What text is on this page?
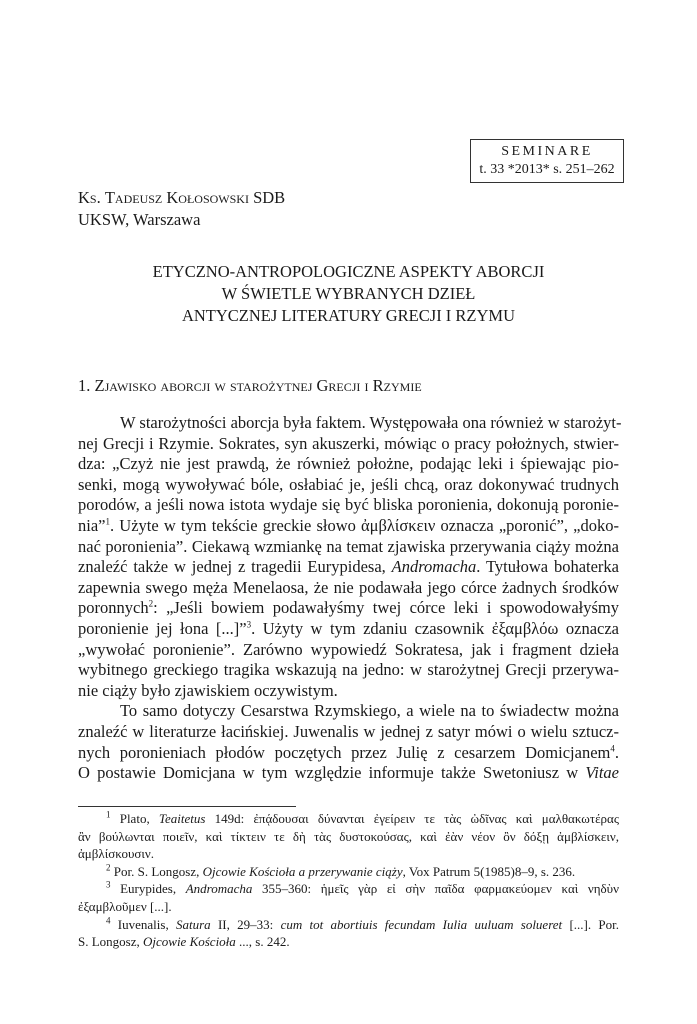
SEMINARE
t. 33 *2013* s. 251–262
Ks. Tadeusz Kołosowski SDB
UKSW, Warszawa
ETYCZNO-ANTROPOLOGICZNE ASPEKTY ABORCJI
W ŚWIETLE WYBRANYCH DZIEŁ
ANTYCZNEJ LITERATURY GRECJI I RZYMU
1. Zjawisko aborcji w starożytnej Grecji i Rzymie
W starożytności aborcja była faktem. Występowała ona również w starożyt-
nej Grecji i Rzymie. Sokrates, syn akuszerki, mówiąc o pracy położnych, stwier-
dza: „Czyż nie jest prawdą, że również położne, podając leki i śpiewając pio-
senki, mogą wywoływać bóle, osłabiać je, jeśli chcą, oraz dokonywać trudnych
porodów, a jeśli nowa istota wydaje się być bliska poronienia, dokonują poronie-
nia”$^1$. Użyte w tym tekście greckie słowo ἀμβλίσκειν oznacza „poronić”, „doko-
nać poronienia”. Ciekawą wzmiankę na temat zjawiska przerywania ciąży można
znaleźć także w jednej z tragedii Eurypidesa, Andromacha. Tytułowa bohaterka
zapewnia swego męża Menelaosa, że nie podawała jego córce żadnych środków
poronnych$^2$: „Jeśli bowiem podawałyśmy twej córce leki i spowodowałyśmy
poronienie jej łona [...]”$^3$. Użyty w tym zdaniu czasownik ἐξαμβλόω oznacza
„wywołać poronienie”. Zarówno wypowiedź Sokratesa, jak i fragment dzieła
wybitnego greckiego tragika wskazują na jedno: w starożytnej Grecji przerywa-
nie ciąży było zjawiskiem oczywistym.
To samo dotyczy Cesarstwa Rzymskiego, a wiele na to świadectw można
znaleźć w literaturze łacińskiej. Juwenalis w jednej z satyr mówi o wielu sztucz-
nych poronieniach płodów poczętych przez Julię z cesarzem Domicjanem$^4$.
O postawie Domicjana w tym względzie informuje także Swetoniusz w Vitae
$^1$ Plato, Teaitetus 149d: ἐπᾴδουσαι δύνανται ἐγείρειν τε τὰς ὠδῖνας καὶ μαλθακωτέρας
ἂν βούλωνται ποιεῖν, καὶ τίκτειν τε δὴ τὰς δυστοκούσας, καὶ ἐὰν νέον ὂν δόξῃ ἀμβλίσκειν,
ἀμβλίσκουσιν.
$^2$ Por. S. Longosz, Ojcowie Kościoła a przerywanie ciąży, Vox Patrum 5(1985)8–9, s. 236.
$^3$ Eurypides, Andromacha 355–360: ἡμεῖς γὰρ εἰ σὴν παῖδα φαρμακεύομεν καὶ νηδὺν
ἐξαμβλοῦμεν [...].
$^4$ Iuvenalis, Satura II, 29–33: cum tot abortiuis fecundam Iulia uuluam solueret [...]. Por.
S. Longosz, Ojcowie Kościoła ..., s. 242.
